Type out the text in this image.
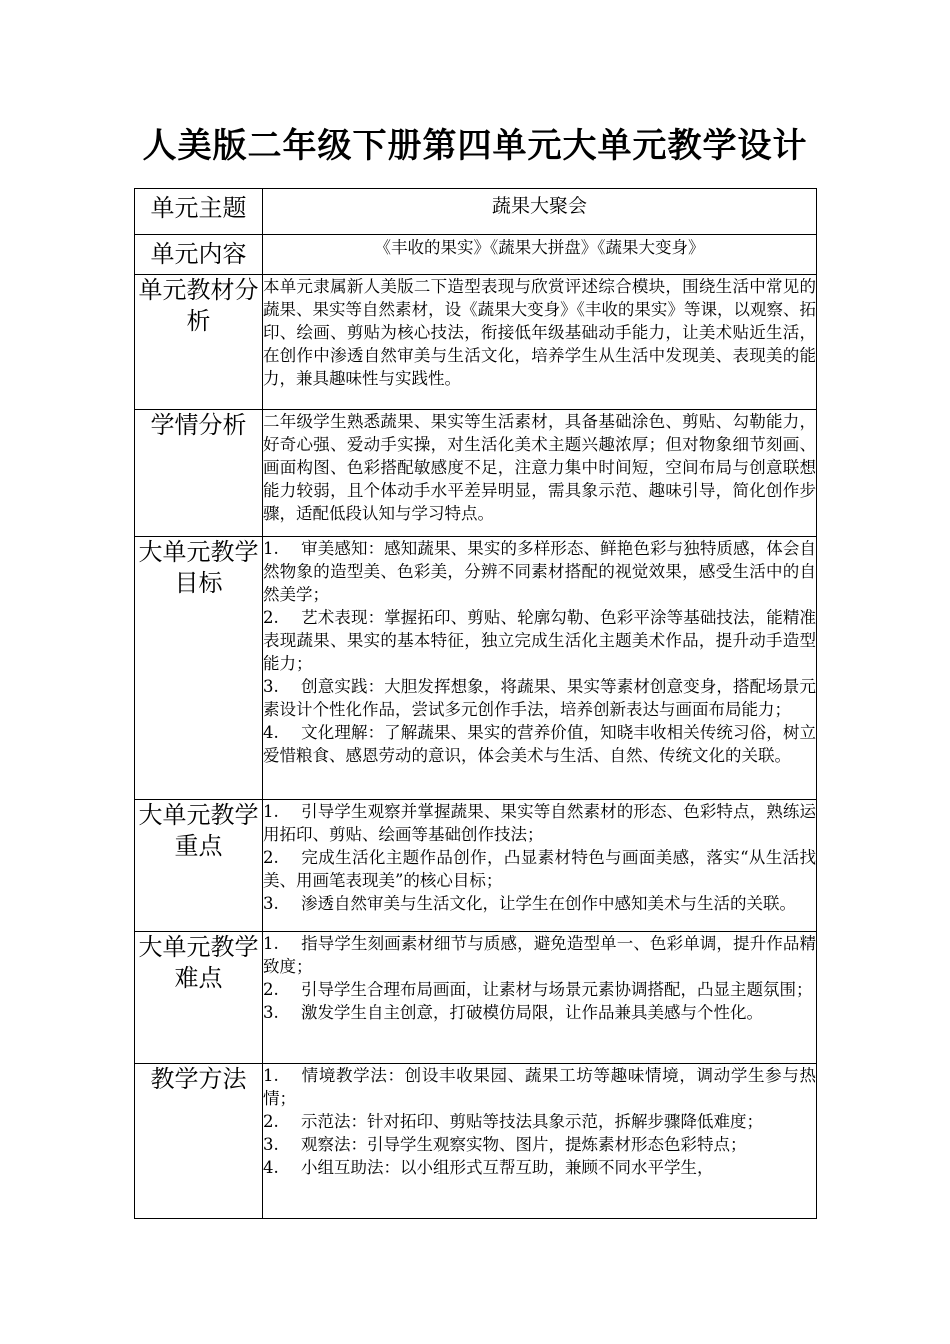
人美版二年级下册第四单元大单元教学设计
单元主题	蔬果大聚会
单元内容	《丰收的果实》《蔬果大拼盘》《蔬果大变身》
单元教材分析	本单元隶属新人美版二下造型表现与欣赏评述综合模块，围绕生活中常见的蔬果、果实等自然素材，设《蔬果大变身》《丰收的果实》等课，以观察、拓印、绘画、剪贴为核心技法，衔接低年级基础动手能力，让美术贴近生活，在创作中渗透自然审美与生活文化，培养学生从生活中发现美、表现美的能力，兼具趣味性与实践性。
学情分析	二年级学生熟悉蔬果、果实等生活素材，具备基础涂色、剪贴、勾勒能力，好奇心强、爱动手实操，对生活化美术主题兴趣浓厚；但对物象细节刻画、画面构图、色彩搭配敏感度不足，注意力集中时间短，空间布局与创意联想能力较弱，且个体动手水平差异明显，需具象示范、趣味引导，简化创作步骤，适配低段认知与学习特点。
大单元教学目标	1. 审美感知：感知蔬果、果实的多样形态、鲜艳色彩与独特质感，体会自然物象的造型美、色彩美，分辨不同素材搭配的视觉效果，感受生活中的自然美学；
2. 艺术表现：掌握拓印、剪贴、轮廓勾勒、色彩平涂等基础技法，能精准表现蔬果、果实的基本特征，独立完成生活化主题美术作品，提升动手造型能力；
3. 创意实践：大胆发挥想象，将蔬果、果实等素材创意变身，搭配场景元素设计个性化作品，尝试多元创作手法，培养创新表达与画面布局能力；
4. 文化理解：了解蔬果、果实的营养价值，知晓丰收相关传统习俗，树立爱惜粮食、感恩劳动的意识，体会美术与生活、自然、传统文化的关联。

大单元教学重点	1. 引导学生观察并掌握蔬果、果实等自然素材的形态、色彩特点，熟练运用拓印、剪贴、绘画等基础创作技法；
2. 完成生活化主题作品创作，凸显素材特色与画面美感，落实“从生活找美、用画笔表现美”的核心目标；
3. 渗透自然审美与生活文化，让学生在创作中感知美术与生活的关联。

大单元教学难点	1. 指导学生刻画素材细节与质感，避免造型单一、色彩单调，提升作品精致度；
2. 引导学生合理布局画面，让素材与场景元素协调搭配，凸显主题氛围；
3. 激发学生自主创意，打破模仿局限，让作品兼具美感与个性化。

教学方法	1. 情境教学法：创设丰收果园、蔬果工坊等趣味情境，调动学生参与热情；
2. 示范法：针对拓印、剪贴等技法具象示范，拆解步骤降低难度；
3. 观察法：引导学生观察实物、图片，提炼素材形态色彩特点；
4. 小组互助法：以小组形式互帮互助，兼顾不同水平学生，
